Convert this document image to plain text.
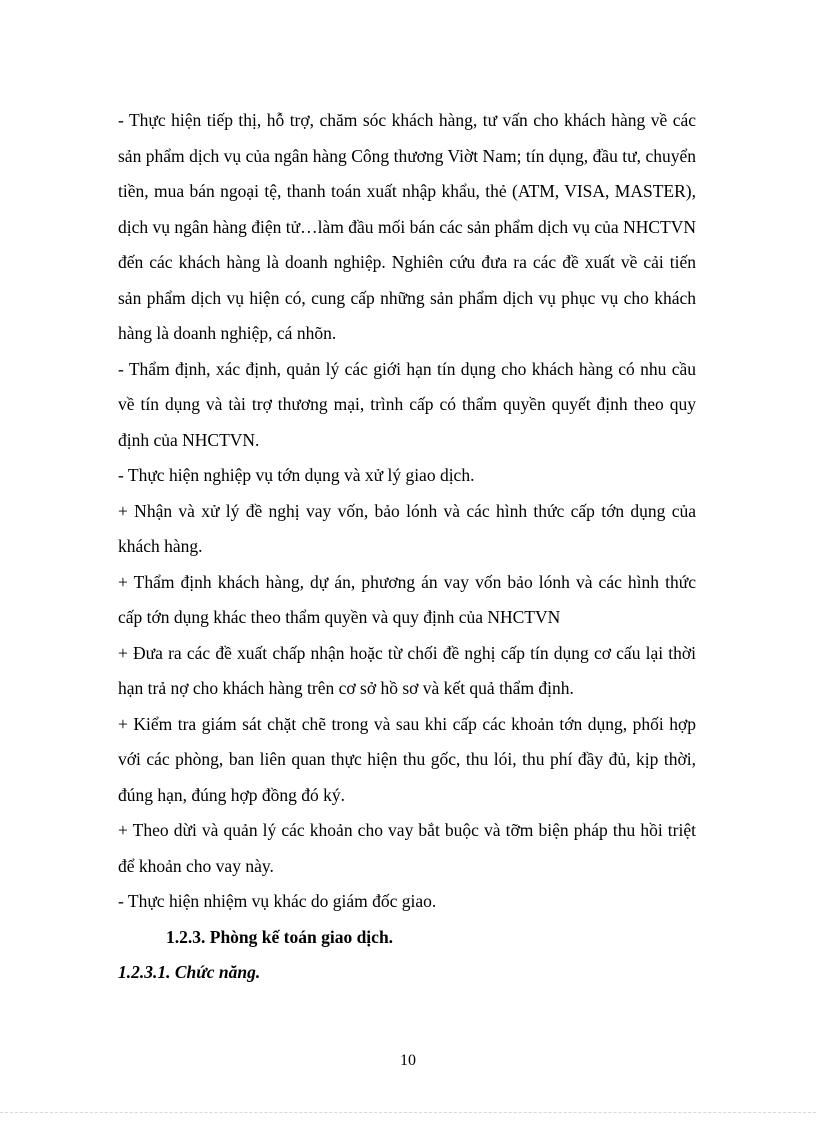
- Thực hiện tiếp thị, hỗ trợ, chăm sóc khách hàng, tư vấn cho khách hàng về các sản phẩm dịch vụ của ngân hàng Công thương Viờt Nam; tín dụng, đầu tư, chuyển tiền, mua bán ngoại tệ, thanh toán xuất nhập khẩu, thẻ (ATM, VISA, MASTER), dịch vụ ngân hàng điện tử…làm đầu mối bán các sản phẩm dịch vụ của NHCTVN đến các khách hàng là doanh nghiệp. Nghiên cứu đưa ra các đề xuất về cải tiến sản phẩm dịch vụ hiện có, cung cấp những sản phẩm dịch vụ phục vụ cho khách hàng là doanh nghiệp, cá nhõn.

- Thẩm định, xác định, quản lý các giới hạn tín dụng cho khách hàng có nhu cầu về tín dụng và tài trợ thương mại, trình cấp có thẩm quyền quyết định theo quy định của NHCTVN.

- Thực hiện nghiệp vụ tớn dụng và xử lý giao dịch.

+ Nhận và xử lý đề nghị vay vốn, bảo lónh và các hình thức cấp tớn dụng của khách hàng.

+ Thẩm định khách hàng, dự án, phương án vay vốn bảo lónh và các hình thức cấp tớn dụng khác theo thẩm quyền và quy định của NHCTVN

+ Đưa ra các đề xuất chấp nhận hoặc từ chối đề nghị cấp tín dụng cơ cấu lại thời hạn trả nợ cho khách hàng trên cơ sở hồ sơ và kết quả thẩm định.

+ Kiểm tra giám sát chặt chẽ trong và sau khi cấp các khoản tớn dụng, phối hợp với các phòng, ban liên quan thực hiện thu gốc, thu lói, thu phí đầy đủ, kịp thời, đúng hạn, đúng hợp đồng đó ký.

+ Theo dừi và quản lý các khoản cho vay bắt buộc và tỡm biện pháp thu hồi triệt để khoản cho vay này.

- Thực hiện nhiệm vụ khác do giám đốc giao.

1.2.3. Phòng kế toán giao dịch.

1.2.3.1. Chức năng.

10
